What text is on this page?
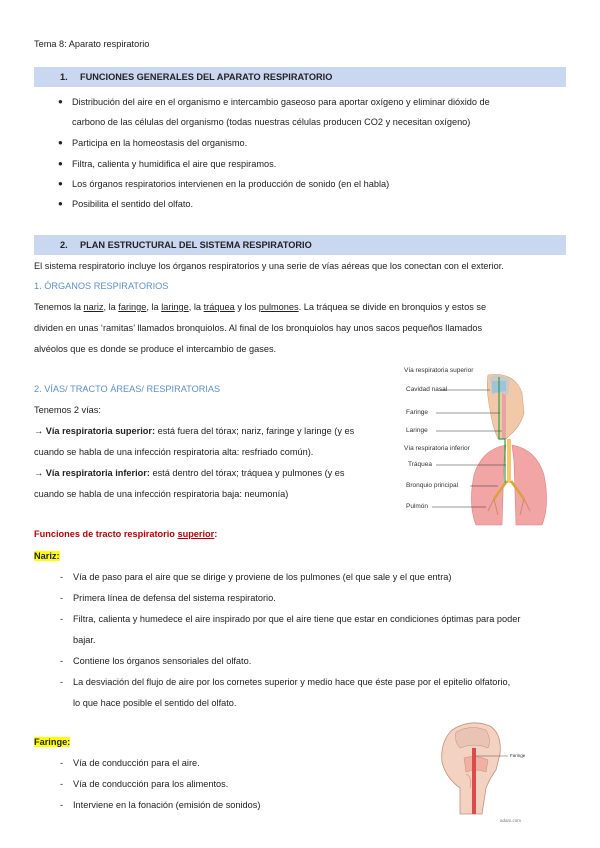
Tema 8: Aparato respiratorio
1. FUNCIONES GENERALES DEL APARATO RESPIRATORIO
● Distribución del aire en el organismo e intercambio gaseoso para aportar oxígeno y eliminar dióxido de
carbono de las células del organismo (todas nuestras células producen CO2 y necesitan oxígeno)
● Participa en la homeostasis del organismo.
● Filtra, calienta y humidifica el aire que respiramos.
● Los órganos respiratorios intervienen en la producción de sonido (en el habla)
● Posibilita el sentido del olfato.
2. PLAN ESTRUCTURAL DEL SISTEMA RESPIRATORIO
El sistema respiratorio incluye los órganos respiratorios y una serie de vías aéreas que los conectan con el exterior.
1. ÓRGANOS RESPIRATORIOS
Tenemos la nariz, la faringe, la laringe, la tráquea y los pulmones. La tráquea se divide en bronquios y estos se
dividen en unas ‘ramitas’ llamados bronquiolos. Al final de los bronquiolos hay unos sacos pequeños llamados
alvéolos que es donde se produce el intercambio de gases.
2. VÍAS/ TRACTO ÁREAS/ RESPIRATORIAS
Tenemos 2 vías:
→ Vía respiratoria superior: está fuera del tórax; nariz, faringe y laringe (y es
cuando se habla de una infección respiratoria alta: resfriado común).
→ Vía respiratoria inferior: está dentro del tórax; tráquea y pulmones (y es
cuando se habla de una infección respiratoria baja: neumonía)
Vía respiratoria superior
Cavidad nasal
Faringe
Laringe
Vía respiratoria inferior
Tráquea
Bronquio principal
Pulmón
Funciones de tracto respiratorio superior:
Nariz:
- Vía de paso para el aire que se dirige y proviene de los pulmones (el que sale y el que entra)
- Primera línea de defensa del sistema respiratorio.
- Filtra, calienta y humedece el aire inspirado por que el aire tiene que estar en condiciones óptimas para poder
bajar.
- Contiene los órganos sensoriales del olfato.
- La desviación del flujo de aire por los cornetes superior y medio hace que éste pase por el epitelio olfatorio,
lo que hace posible el sentido del olfato.
Faringe:
- Vía de conducción para el aire.
- Vía de conducción para los alimentos.
- Interviene en la fonación (emisión de sonidos)
Faringe
adam.com
